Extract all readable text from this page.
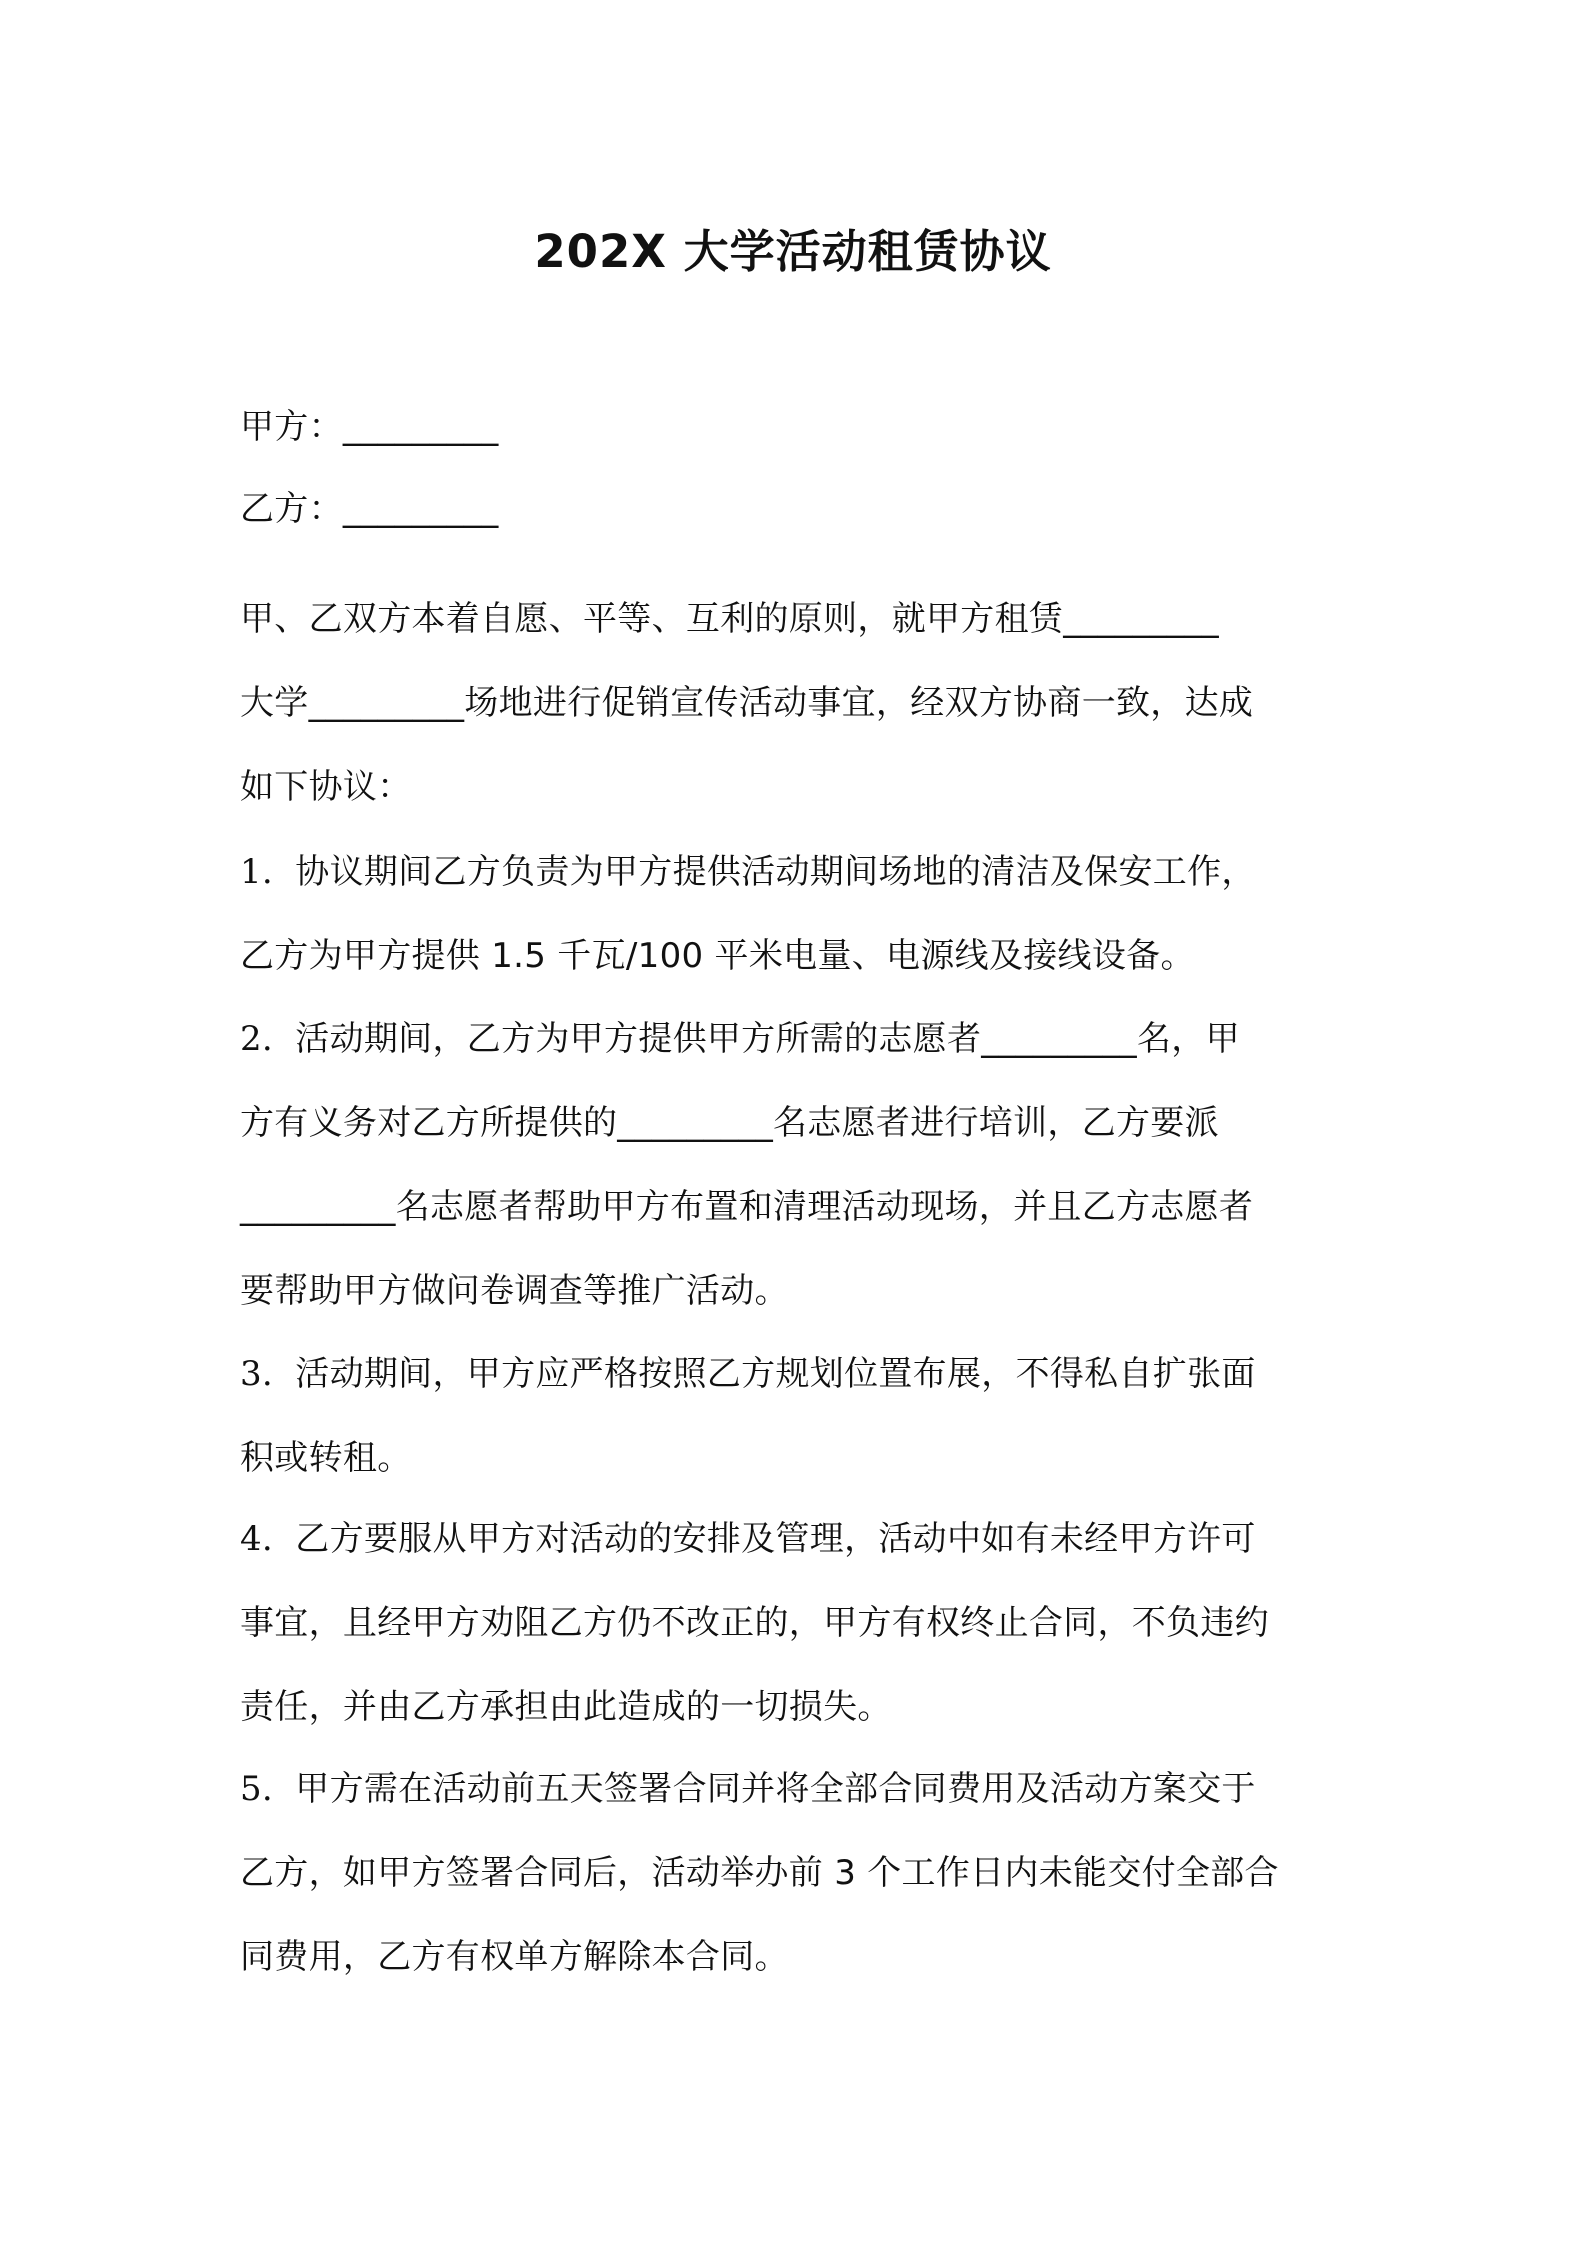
202X 大学活动租赁协议
甲方：_________
乙方：_________
甲、乙双方本着自愿、平等、互利的原则，就甲方租赁_________
大学_________场地进行促销宣传活动事宜，经双方协商一致，达成
如下协议：
1. 协议期间乙方负责为甲方提供活动期间场地的清洁及保安工作，
乙方为甲方提供 1.5 千瓦/100 平米电量、电源线及接线设备。
2. 活动期间，乙方为甲方提供甲方所需的志愿者_________名，甲
方有义务对乙方所提供的_________名志愿者进行培训，乙方要派
_________名志愿者帮助甲方布置和清理活动现场，并且乙方志愿者
要帮助甲方做问卷调查等推广活动。
3. 活动期间，甲方应严格按照乙方规划位置布展，不得私自扩张面
积或转租。
4. 乙方要服从甲方对活动的安排及管理，活动中如有未经甲方许可
事宜，且经甲方劝阻乙方仍不改正的，甲方有权终止合同，不负违约
责任，并由乙方承担由此造成的一切损失。
5. 甲方需在活动前五天签署合同并将全部合同费用及活动方案交于
乙方，如甲方签署合同后，活动举办前 3 个工作日内未能交付全部合
同费用，乙方有权单方解除本合同。
